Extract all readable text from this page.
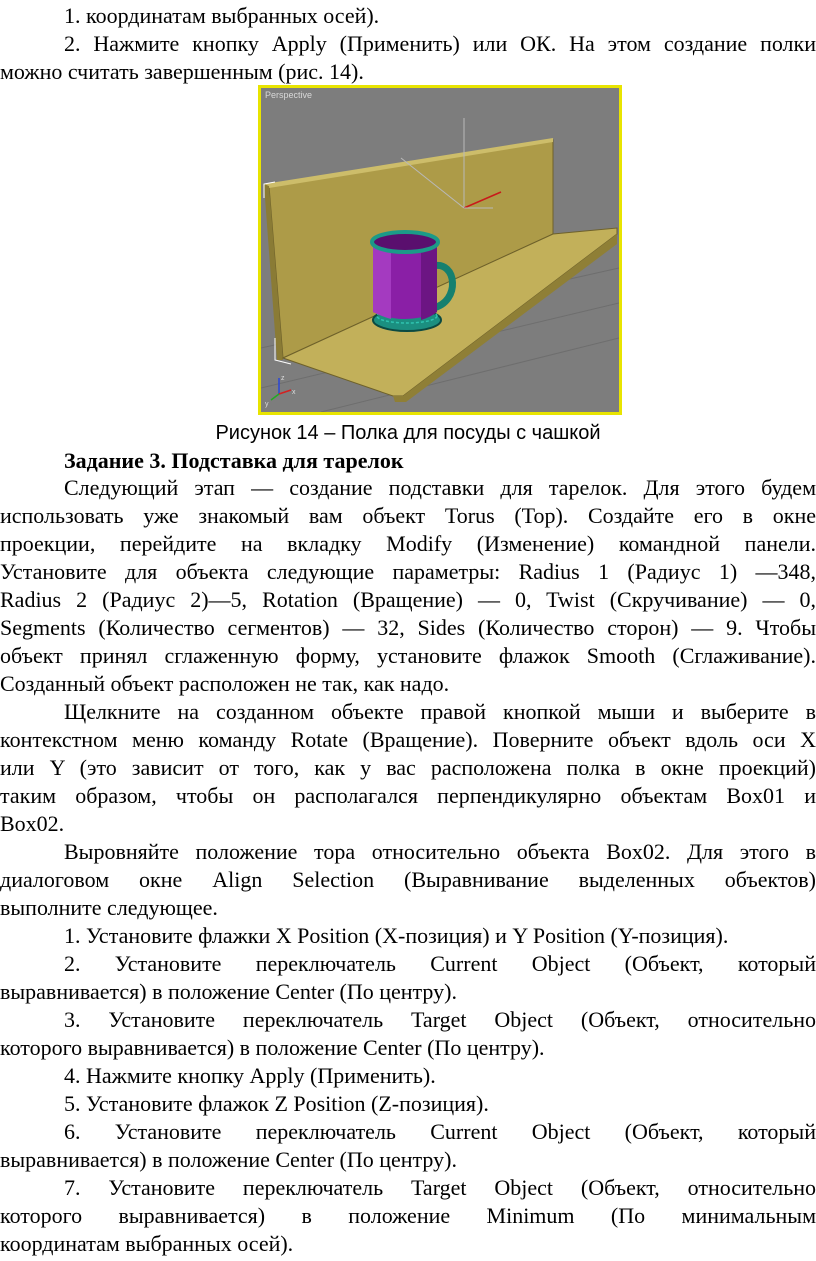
1. координатам выбранных осей).
2. Нажмите кнопку Apply (Применить) или ОК. На этом создание полки
можно считать завершенным (рис. 14).
Perspective
x
y
z
Рисунок 14 – Полка для посуды с чашкой
Задание 3. Подставка для тарелок
Следующий этап — создание подставки для тарелок. Для этого будем
использовать уже знакомый вам объект Torus (Тор). Создайте его в окне
проекции, перейдите на вкладку Modify (Изменение) командной панели.
Установите для объекта следующие параметры: Radius 1 (Радиус 1) —348,
Radius 2 (Радиус 2)—5, Rotation (Вращение) — 0, Twist (Скручивание) — 0,
Segments (Количество сегментов) — 32, Sides (Количество сторон) — 9. Чтобы
объект принял сглаженную форму, установите флажок Smooth (Сглаживание).
Созданный объект расположен не так, как надо.
Щелкните на созданном объекте правой кнопкой мыши и выберите в
контекстном меню команду Rotate (Вращение). Поверните объект вдоль оси X
или Y (это зависит от того, как у вас расположена полка в окне проекций)
таким образом, чтобы он располагался перпендикулярно объектам Box01 и
Box02.
Выровняйте положение тора относительно объекта Box02. Для этого в
диалоговом окне Align Selection (Выравнивание выделенных объектов)
выполните следующее.
1. Установите флажки X Position (X-позиция) и Y Position (Y-позиция).
2. Установите переключатель Current Object (Объект, который
выравнивается) в положение Center (По центру).
3. Установите переключатель Target Object (Объект, относительно
которого выравнивается) в положение Center (По центру).
4. Нажмите кнопку Apply (Применить).
5. Установите флажок Z Position (Z-позиция).
6. Установите переключатель Current Object (Объект, который
выравнивается) в положение Center (По центру).
7. Установите переключатель Target Object (Объект, относительно
которого выравнивается) в положение Minimum (По минимальным
координатам выбранных осей).
